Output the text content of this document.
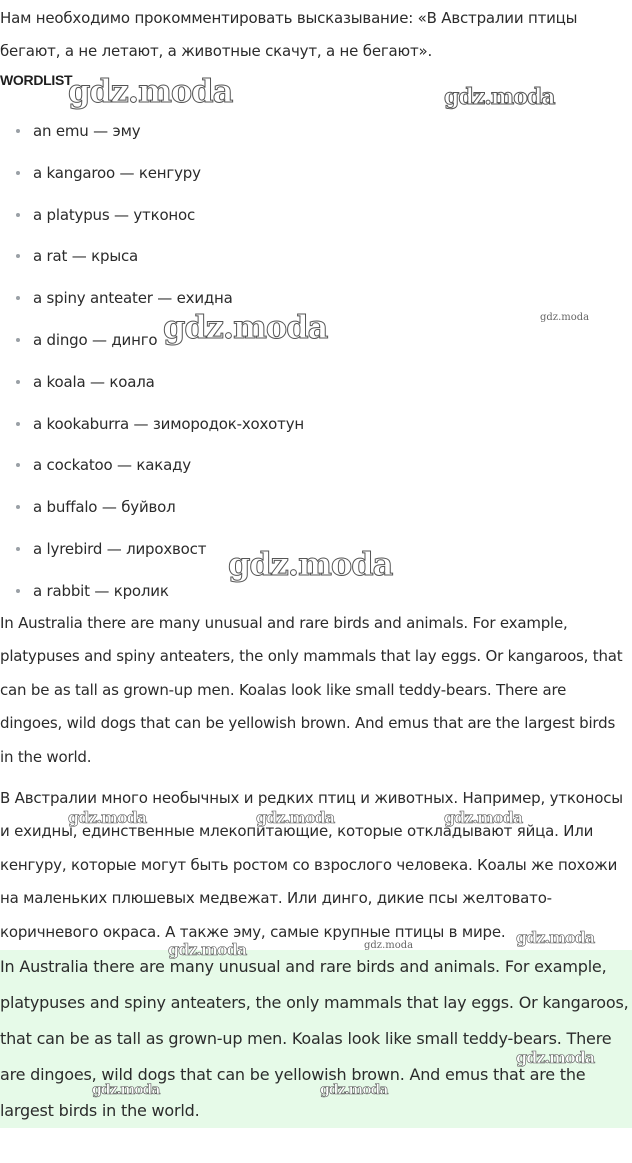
Нам необходимо прокомментировать высказывание: «В Австралии птицы бегают, а не летают, а животные скачут, а не бегают».
WORDLIST
an emu — эму
a kangaroo — кенгуру
a platypus — утконос
a rat — крыса
a spiny anteater — ехидна
a dingo — динго
a koala — коала
a kookaburra — зимородок-хохотун
a cockatoo — какаду
a buffalo — буйвол
a lyrebird — лирохвост
a rabbit — кролик

In Australia there are many unusual and rare birds and animals. For example, platypuses and spiny anteaters, the only mammals that lay eggs. Or kangaroos, that can be as tall as grown-up men. Koalas look like small teddy-bears. There are dingoes, wild dogs that can be yellowish brown. And emus that are the largest birds in the world.

В Австралии много необычных и редких птиц и животных. Например, утконосы и ехидны, единственные млекопитающие, которые откладывают яйца. Или кенгуру, которые могут быть ростом со взрослого человека. Коалы же похожи на маленьких плюшевых медвежат. Или динго, дикие псы желтовато-коричневого окраса. А также эму, самые крупные птицы в мире.

In Australia there are many unusual and rare birds and animals. For example, platypuses and spiny anteaters, the only mammals that lay eggs. Or kangaroos, that can be as tall as grown-up men. Koalas look like small teddy-bears. There are dingoes, wild dogs that can be yellowish brown. And emus that are the largest birds in the world.

gdz.moda	gdz.moda
gdz.moda	gdz.moda
gdz.moda
gdz.moda	gdz.moda	gdz.moda
gdz.moda	gdz.moda	gdz.moda
gdz.moda
gdz.moda	gdz.moda
